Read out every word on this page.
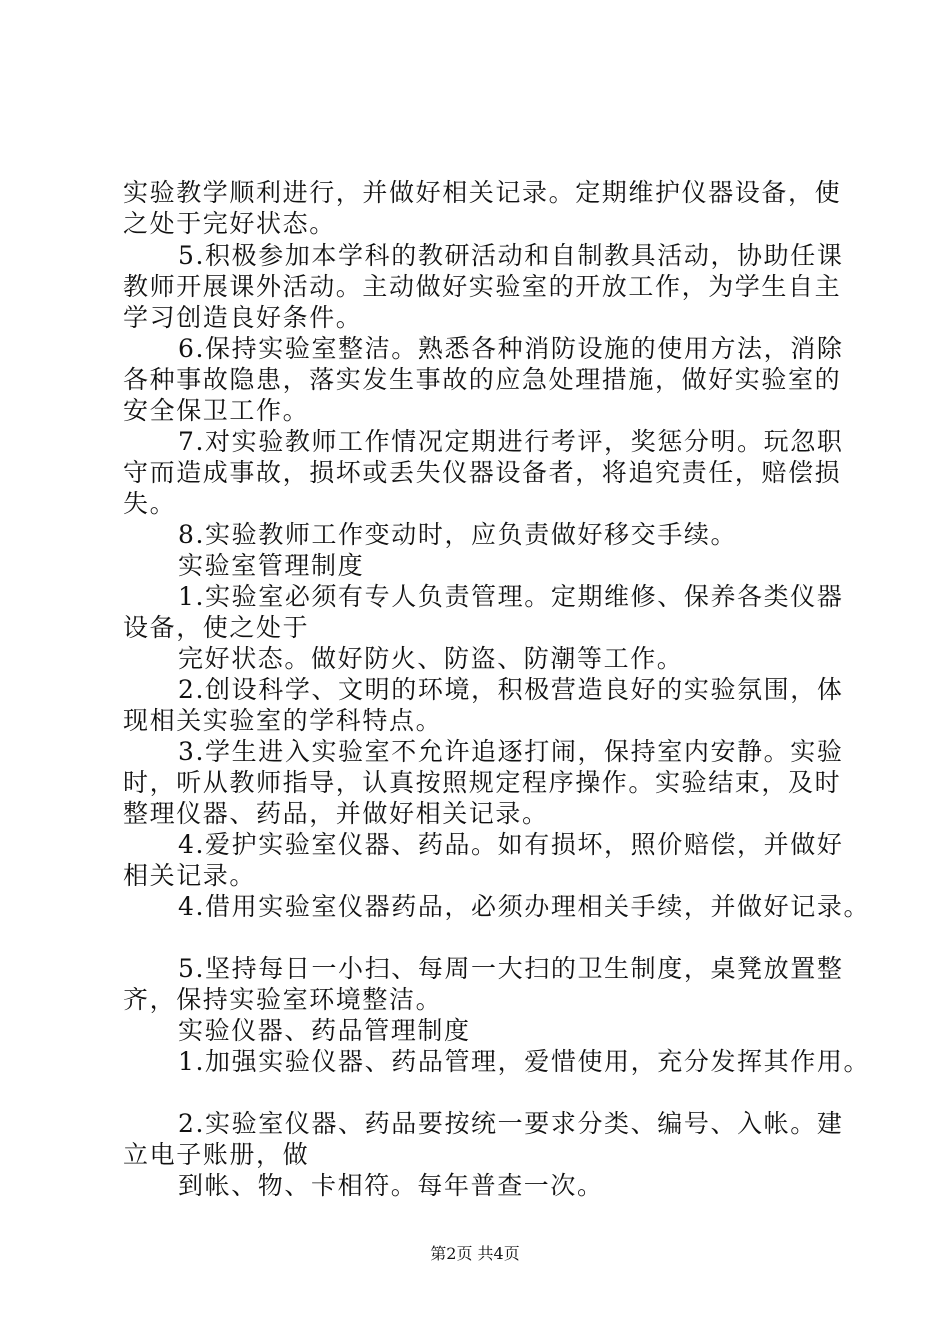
实验教学顺利进行，并做好相关记录。定期维护仪器设备，使
之处于完好状态。
5.积极参加本学科的教研活动和自制教具活动，协助任课
教师开展课外活动。主动做好实验室的开放工作，为学生自主
学习创造良好条件。
6.保持实验室整洁。熟悉各种消防设施的使用方法，消除
各种事故隐患，落实发生事故的应急处理措施，做好实验室的
安全保卫工作。
7.对实验教师工作情况定期进行考评，奖惩分明。玩忽职
守而造成事故，损坏或丢失仪器设备者，将追究责任，赔偿损
失。
8.实验教师工作变动时，应负责做好移交手续。
实验室管理制度
1.实验室必须有专人负责管理。定期维修、保养各类仪器
设备，使之处于
完好状态。做好防火、防盗、防潮等工作。
2.创设科学、文明的环境，积极营造良好的实验氛围，体
现相关实验室的学科特点。
3.学生进入实验室不允许追逐打闹，保持室内安静。实验
时，听从教师指导，认真按照规定程序操作。实验结束，及时
整理仪器、药品，并做好相关记录。
4.爱护实验室仪器、药品。如有损坏，照价赔偿，并做好
相关记录。
4.借用实验室仪器药品，必须办理相关手续，并做好记录。
5.坚持每日一小扫、每周一大扫的卫生制度，桌凳放置整
齐，保持实验室环境整洁。
实验仪器、药品管理制度
1.加强实验仪器、药品管理，爱惜使用，充分发挥其作用。
2.实验室仪器、药品要按统一要求分类、编号、入帐。建
立电子账册，做
到帐、物、卡相符。每年普查一次。
第2页 共4页
